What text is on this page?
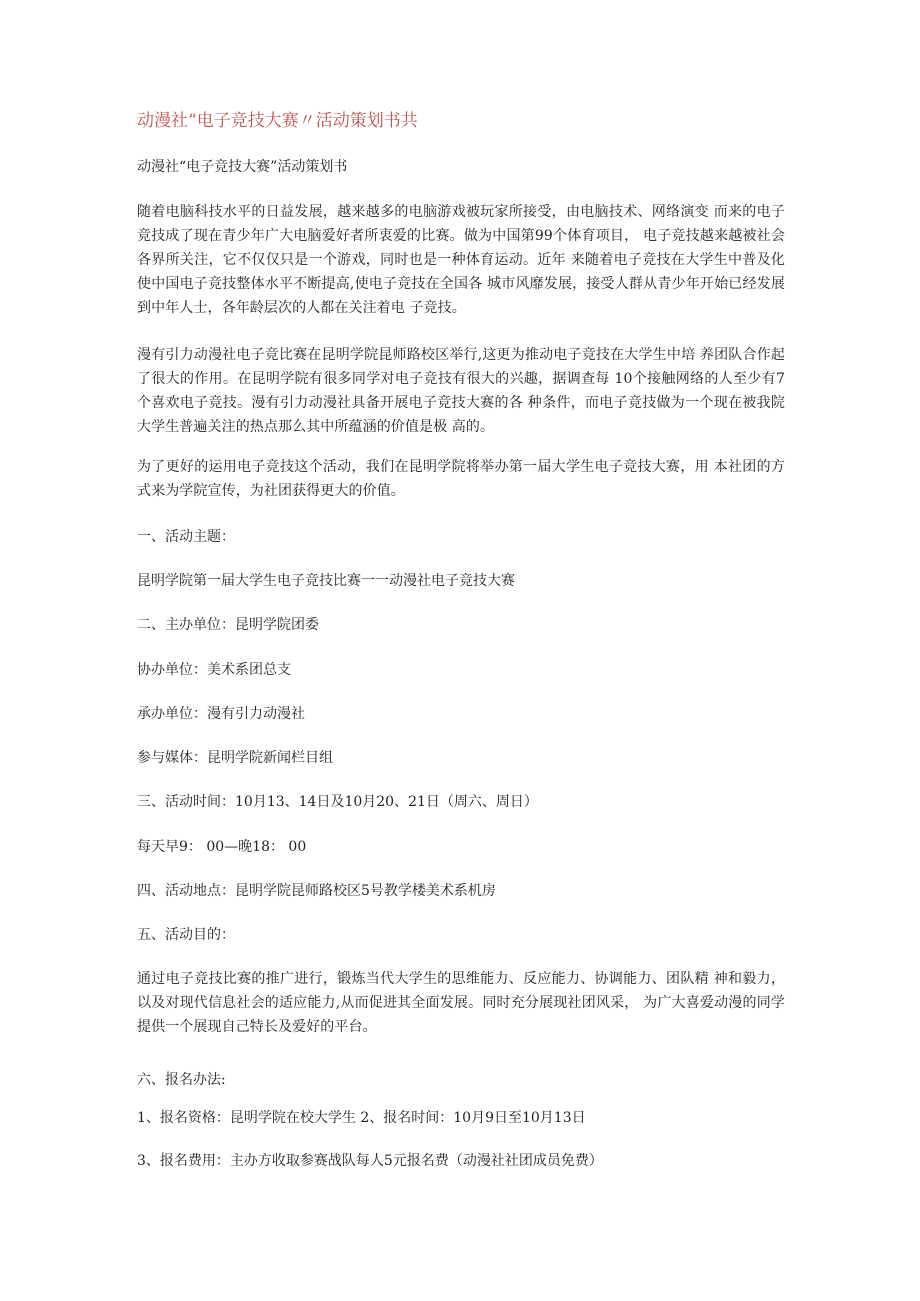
动漫社“电子竞技大赛〃活动策划书共
动漫社“电子竞技大赛”活动策划书
随着电脑科技水平的日益发展，越来越多的电脑游戏被玩家所接受，由电脑技术、网络演变 而来的电子竞技成了现在青少年广大电脑爱好者所衷爱的比赛。做为中国第99个体育项目， 电子竞技越来越被社会各界所关注，它不仅仅只是一个游戏，同时也是一种体育运动。近年 来随着电子竞技在大学生中普及化使中国电子竞技整体水平不断提高,使电子竞技在全国各 城市风靡发展，接受人群从青少年开始已经发展到中年人士，各年龄层次的人都在关注着电 子竞技。
漫有引力动漫社电子竞比赛在昆明学院昆师路校区举行,这更为推动电子竞技在大学生中培 养团队合作起了很大的作用。在昆明学院有很多同学对电子竞技有很大的兴趣，据调查每 10个接触网络的人至少有7个喜欢电子竞技。漫有引力动漫社具备开展电子竞技大赛的各 种条件，而电子竞技做为一个现在被我院大学生普遍关注的热点那么其中所蕴涵的价值是极 高的。
为了更好的运用电子竞技这个活动，我们在昆明学院将举办第一届大学生电子竞技大赛，用 本社团的方式来为学院宣传，为社团获得更大的价值。
一、活动主题：
昆明学院第一届大学生电子竞技比赛一一动漫社电子竞技大赛
二、主办单位：昆明学院团委
协办单位：美术系团总支
承办单位：漫有引力动漫社
参与媒体：昆明学院新闻栏目组
三、活动时间：10月13、14日及10月20、21日（周六、周日）
每天早9： 00—晚18： 00
四、活动地点：昆明学院昆师路校区5号教学楼美术系机房
五、活动目的：
通过电子竞技比赛的推广进行，锻炼当代大学生的思维能力、反应能力、协调能力、团队精 神和毅力，以及对现代信息社会的适应能力,从而促进其全面发展。同时充分展现社团风采， 为广大喜爱动漫的同学提供一个展现自己特长及爱好的平台。
六、报名办法:
1、报名资格：昆明学院在校大学生 2、报名时间：10月9日至10月13日
3、报名费用：主办方收取参赛战队每人5元报名费（动漫社社团成员免费）
